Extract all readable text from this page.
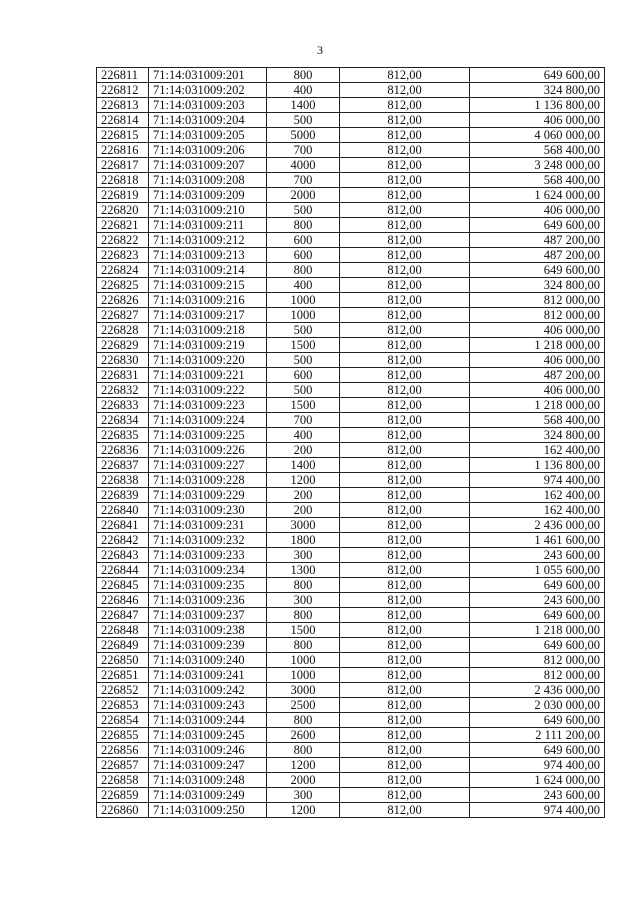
3
226811	71:14:031009:201	800	812,00	649 600,00
226812	71:14:031009:202	400	812,00	324 800,00
226813	71:14:031009:203	1400	812,00	1 136 800,00
226814	71:14:031009:204	500	812,00	406 000,00
226815	71:14:031009:205	5000	812,00	4 060 000,00
226816	71:14:031009:206	700	812,00	568 400,00
226817	71:14:031009:207	4000	812,00	3 248 000,00
226818	71:14:031009:208	700	812,00	568 400,00
226819	71:14:031009:209	2000	812,00	1 624 000,00
226820	71:14:031009:210	500	812,00	406 000,00
226821	71:14:031009:211	800	812,00	649 600,00
226822	71:14:031009:212	600	812,00	487 200,00
226823	71:14:031009:213	600	812,00	487 200,00
226824	71:14:031009:214	800	812,00	649 600,00
226825	71:14:031009:215	400	812,00	324 800,00
226826	71:14:031009:216	1000	812,00	812 000,00
226827	71:14:031009:217	1000	812,00	812 000,00
226828	71:14:031009:218	500	812,00	406 000,00
226829	71:14:031009:219	1500	812,00	1 218 000,00
226830	71:14:031009:220	500	812,00	406 000,00
226831	71:14:031009:221	600	812,00	487 200,00
226832	71:14:031009:222	500	812,00	406 000,00
226833	71:14:031009:223	1500	812,00	1 218 000,00
226834	71:14:031009:224	700	812,00	568 400,00
226835	71:14:031009:225	400	812,00	324 800,00
226836	71:14:031009:226	200	812,00	162 400,00
226837	71:14:031009:227	1400	812,00	1 136 800,00
226838	71:14:031009:228	1200	812,00	974 400,00
226839	71:14:031009:229	200	812,00	162 400,00
226840	71:14:031009:230	200	812,00	162 400,00
226841	71:14:031009:231	3000	812,00	2 436 000,00
226842	71:14:031009:232	1800	812,00	1 461 600,00
226843	71:14:031009:233	300	812,00	243 600,00
226844	71:14:031009:234	1300	812,00	1 055 600,00
226845	71:14:031009:235	800	812,00	649 600,00
226846	71:14:031009:236	300	812,00	243 600,00
226847	71:14:031009:237	800	812,00	649 600,00
226848	71:14:031009:238	1500	812,00	1 218 000,00
226849	71:14:031009:239	800	812,00	649 600,00
226850	71:14:031009:240	1000	812,00	812 000,00
226851	71:14:031009:241	1000	812,00	812 000,00
226852	71:14:031009:242	3000	812,00	2 436 000,00
226853	71:14:031009:243	2500	812,00	2 030 000,00
226854	71:14:031009:244	800	812,00	649 600,00
226855	71:14:031009:245	2600	812,00	2 111 200,00
226856	71:14:031009:246	800	812,00	649 600,00
226857	71:14:031009:247	1200	812,00	974 400,00
226858	71:14:031009:248	2000	812,00	1 624 000,00
226859	71:14:031009:249	300	812,00	243 600,00
226860	71:14:031009:250	1200	812,00	974 400,00
